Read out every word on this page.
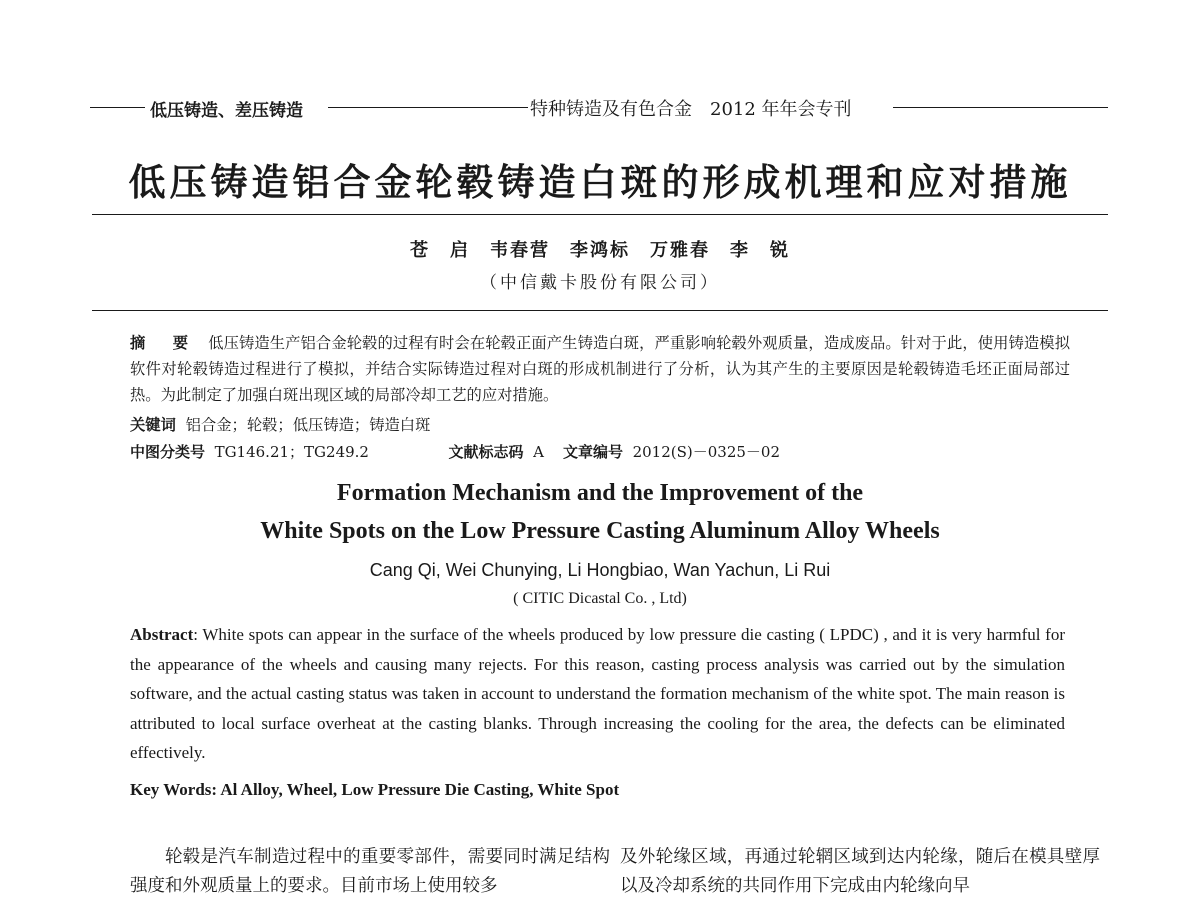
低压铸造、差压铸造	特种铸造及有色合金　2012 年年会专刊
低压铸造铝合金轮毂铸造白斑的形成机理和应对措施
苍　启　韦春营　李鸿标　万雅春　李　锐
（中信戴卡股份有限公司）
摘　要 低压铸造生产铝合金轮毂的过程有时会在轮毂正面产生铸造白斑，严重影响轮毂外观质量，造成废品。针对于此，使用铸造模拟软件对轮毂铸造过程进行了模拟，并结合实际铸造过程对白斑的形成机制进行了分析，认为其产生的主要原因是轮毂铸造毛坯正面局部过热。为此制定了加强白斑出现区域的局部冷却工艺的应对措施。
关键词 铝合金；轮毂；低压铸造；铸造白斑
中图分类号 TG146.21；TG249.2	文献标志码 A 文章编号 2012(S)－0325－02
Formation Mechanism and the Improvement of the
White Spots on the Low Pressure Casting Aluminum Alloy Wheels
Cang Qi, Wei Chunying, Li Hongbiao, Wan Yachun, Li Rui
( CITIC Dicastal Co. , Ltd)
Abstract: White spots can appear in the surface of the wheels produced by low pressure die casting ( LPDC) , and it is very harmful for the appearance of the wheels and causing many rejects. For this reason, casting process analysis was carried out by the simulation software, and the actual casting status was taken in account to understand the formation mechanism of the white spot. The main reason is attributed to local surface overheat at the casting blanks. Through increasing the cooling for the area, the defects can be eliminated effectively.
Key Words: Al Alloy, Wheel, Low Pressure Die Casting, White Spot
轮毂是汽车制造过程中的重要零部件，需要同时满足结构强度和外观质量上的要求。目前市场上使用较多
及外轮缘区域，再通过轮辋区域到达内轮缘，随后在模具壁厚以及冷却系统的共同作用下完成由内轮缘向早
